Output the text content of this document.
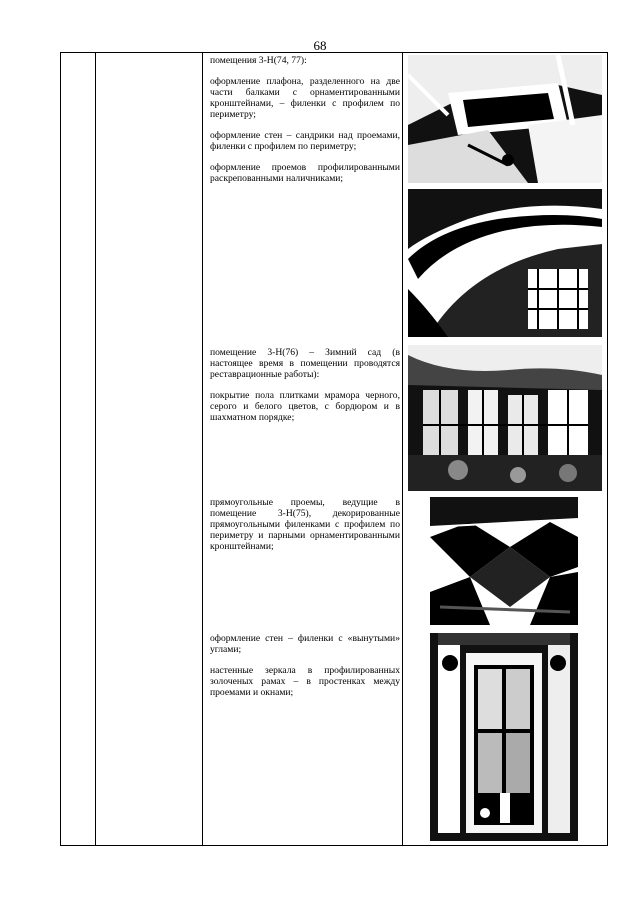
68

помещения 3-Н(74, 77):

оформление плафона, разделенного на две части балками с орнаментированными кронштейнами, – филенки с профилем по периметру;

оформление стен – сандрики над проемами, филенки с профилем по периметру;

оформление проемов профилированными раскрепованными наличниками;

помещение 3-Н(76) – Зимний сад (в настоящее время в помещении проводятся реставрационные работы):

покрытие пола плитками мрамора черного, серого и белого цветов, с бордюром и в шахматном порядке;

прямоугольные проемы, ведущие в помещение 3-Н(75), декорированные прямоугольными филенками с профилем по периметру и парными орнаментированными кронштейнами;

оформление стен – филенки с «вынутыми» углами;

настенные зеркала в профилированных золоченых рамах – в простенках между проемами и окнами;
